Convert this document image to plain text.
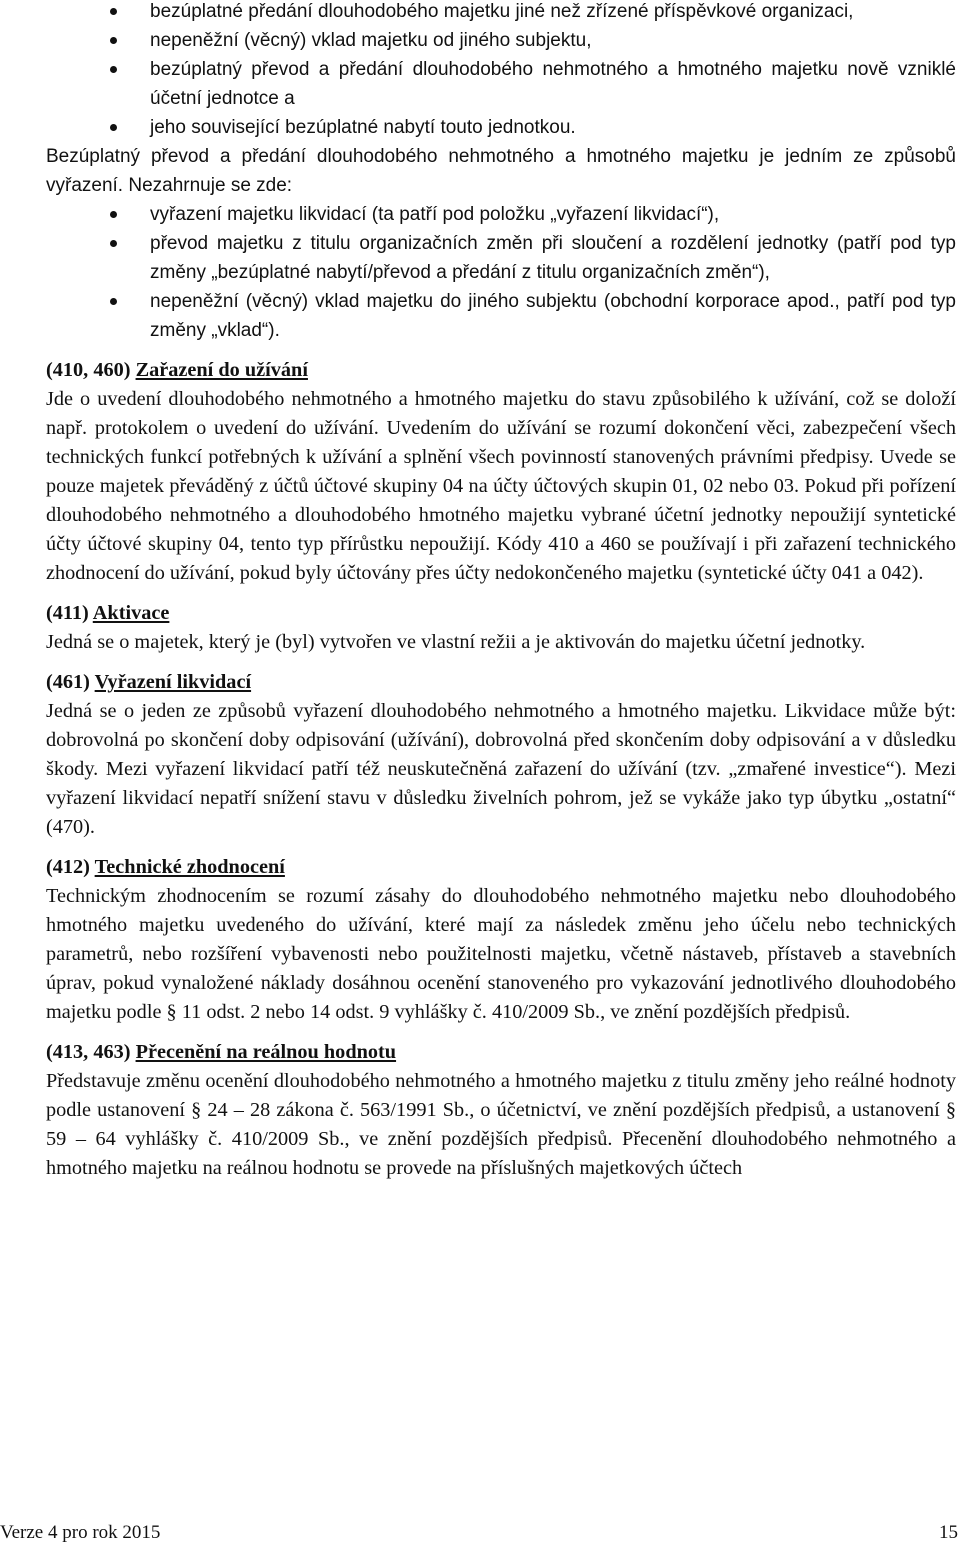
bezúplatné předání dlouhodobého majetku jiné než zřízené příspěvkové organizaci,
nepeněžní (věcný) vklad majetku od jiného subjektu,
bezúplatný převod a předání dlouhodobého nehmotného a hmotného majetku nově vzniklé účetní jednotce a
jeho související bezúplatné nabytí touto jednotkou.

Bezúplatný převod a předání dlouhodobého nehmotného a hmotného majetku je jedním ze způsobů vyřazení. Nezahrnuje se zde:

vyřazení majetku likvidací (ta patří pod položku „vyřazení likvidací“),
převod majetku z titulu organizačních změn při sloučení a rozdělení jednotky (patří pod typ změny „bezúplatné nabytí/převod a předání z titulu organizačních změn“),
nepeněžní (věcný) vklad majetku do jiného subjektu (obchodní korporace apod., patří pod typ změny „vklad“).
(410, 460) Zařazení do užívání

Jde o uvedení dlouhodobého nehmotného a hmotného majetku do stavu způsobilého k užívání, což se doloží např. protokolem o uvedení do užívání. Uvedením do užívání se rozumí dokončení věci, zabezpečení všech technických funkcí potřebných k užívání a splnění všech povinností stanovených právními předpisy. Uvede se pouze majetek převáděný z účtů účtové skupiny 04 na účty účtových skupin 01, 02 nebo 03. Pokud při pořízení dlouhodobého nehmotného a dlouhodobého hmotného majetku vybrané účetní jednotky nepoužijí syntetické účty účtové skupiny 04, tento typ přírůstku nepoužijí. Kódy 410 a 460 se používají i při zařazení technického zhodnocení do užívání, pokud byly účtovány přes účty nedokončeného majetku (syntetické účty 041 a 042).

(411) Aktivace

Jedná se o majetek, který je (byl) vytvořen ve vlastní režii a je aktivován do majetku účetní jednotky.

(461) Vyřazení likvidací

Jedná se o jeden ze způsobů vyřazení dlouhodobého nehmotného a hmotného majetku. Likvidace může být: dobrovolná po skončení doby odpisování (užívání), dobrovolná před skončením doby odpisování a v důsledku škody. Mezi vyřazení likvidací patří též neuskutečněná zařazení do užívání (tzv. „zmařené investice“). Mezi vyřazení likvidací nepatří snížení stavu v důsledku živelních pohrom, jež se vykáže jako typ úbytku „ostatní“ (470).

(412) Technické zhodnocení

Technickým zhodnocením se rozumí zásahy do dlouhodobého nehmotného majetku nebo dlouhodobého hmotného majetku uvedeného do užívání, které mají za následek změnu jeho účelu nebo technických parametrů, nebo rozšíření vybavenosti nebo použitelnosti majetku, včetně nástaveb, přístaveb a stavebních úprav, pokud vynaložené náklady dosáhnou ocenění stanoveného pro vykazování jednotlivého dlouhodobého majetku podle § 11 odst. 2 nebo 14 odst. 9 vyhlášky č. 410/2009 Sb., ve znění pozdějších předpisů.

(413, 463) Přecenění na reálnou hodnotu

Představuje změnu ocenění dlouhodobého nehmotného a hmotného majetku z titulu změny jeho reálné hodnoty podle ustanovení § 24 – 28 zákona č. 563/1991 Sb., o účetnictví, ve znění pozdějších předpisů, a ustanovení § 59 – 64 vyhlášky č. 410/2009 Sb., ve znění pozdějších předpisů. Přecenění dlouhodobého nehmotného a hmotného majetku na reálnou hodnotu se provede na příslušných majetkových účtech

Verze 4 pro rok 2015	15
